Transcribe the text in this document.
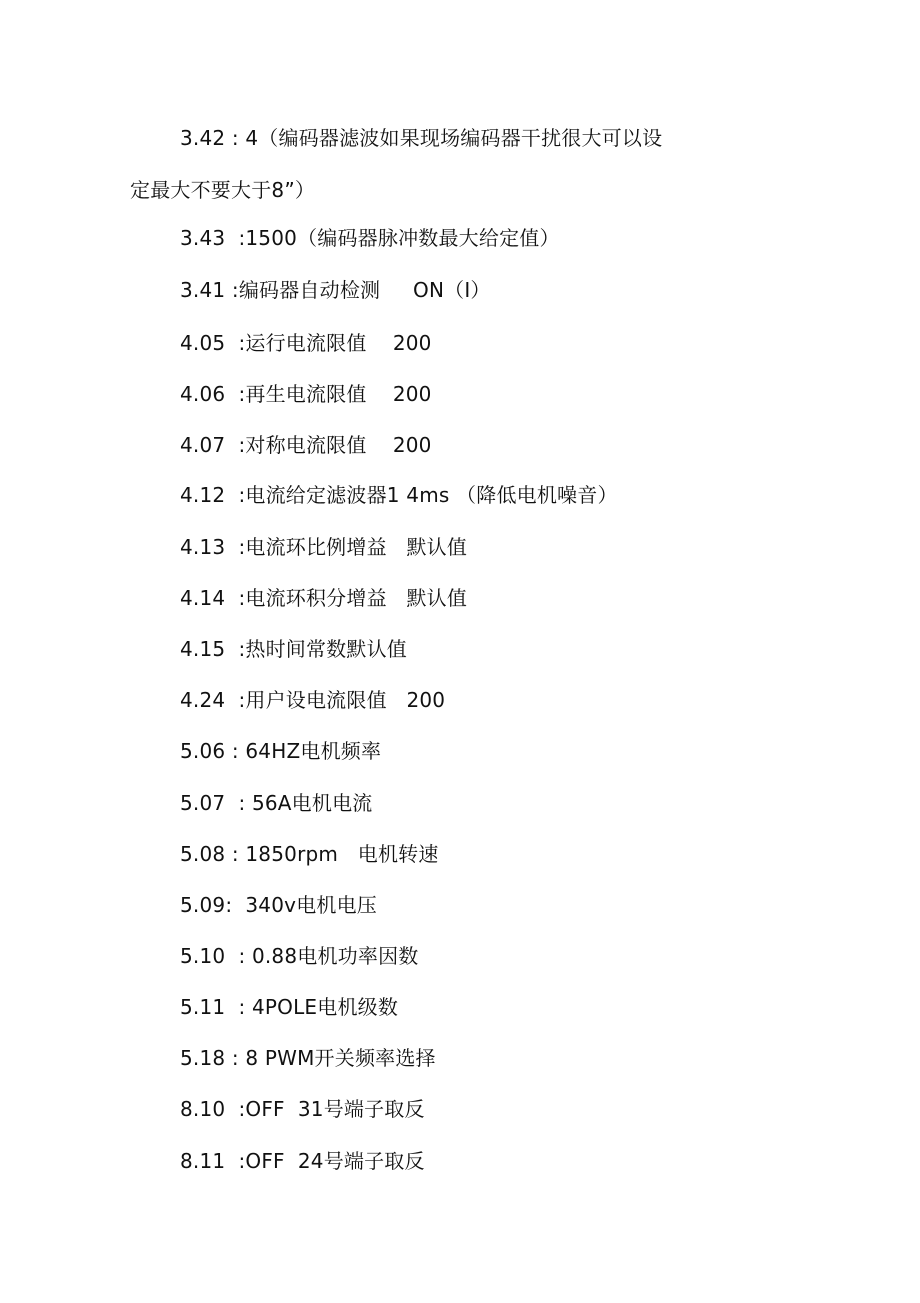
3.42 : 4（编码器滤波如果现场编码器干扰很大可以设
定最大不要大于8”）
3.43  :1500（编码器脉冲数最大给定值）
3.41 :编码器自动检测     ON（I）
4.05  :运行电流限值    200
4.06  :再生电流限值    200
4.07  :对称电流限值    200
4.12  :电流给定滤波器1 4ms （降低电机噪音）
4.13  :电流环比例增益   默认值
4.14  :电流环积分增益   默认值
4.15  :热时间常数默认值
4.24  :用户设电流限值   200
5.06 : 64HZ电机频率
5.07  : 56A电机电流
5.08 : 1850rpm   电机转速
5.09:  340v电机电压
5.10  : 0.88电机功率因数
5.11  : 4POLE电机级数
5.18 : 8 PWM开关频率选择
8.10  :OFF  31号端子取反
8.11  :OFF  24号端子取反
